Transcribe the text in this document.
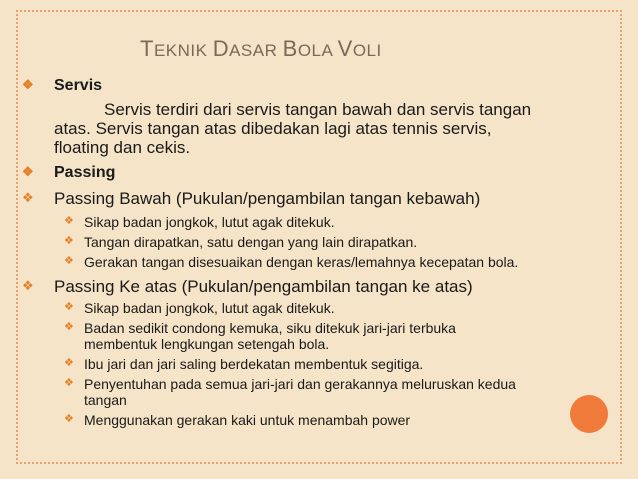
TEKNIK DASAR BOLA VOLI

❖ Servis

Servis terdiri dari servis tangan bawah dan servis tangan
atas. Servis tangan atas dibedakan lagi atas tennis servis,
floating dan cekis.

❖ Passing

❖ Passing Bawah (Pukulan/pengambilan tangan kebawah)

❖ Sikap badan jongkok, lutut agak ditekuk.

❖ Tangan dirapatkan, satu dengan yang lain dirapatkan.

❖ Gerakan tangan disesuaikan dengan keras/lemahnya kecepatan bola.

❖ Passing Ke atas (Pukulan/pengambilan tangan ke atas)

❖ Sikap badan jongkok, lutut agak ditekuk.

❖ Badan sedikit condong kemuka, siku ditekuk jari-jari terbuka
membentuk lengkungan setengah bola.

❖ Ibu jari dan jari saling berdekatan membentuk segitiga.

❖ Penyentuhan pada semua jari-jari dan gerakannya meluruskan kedua
tangan

❖ Menggunakan gerakan kaki untuk menambah power
